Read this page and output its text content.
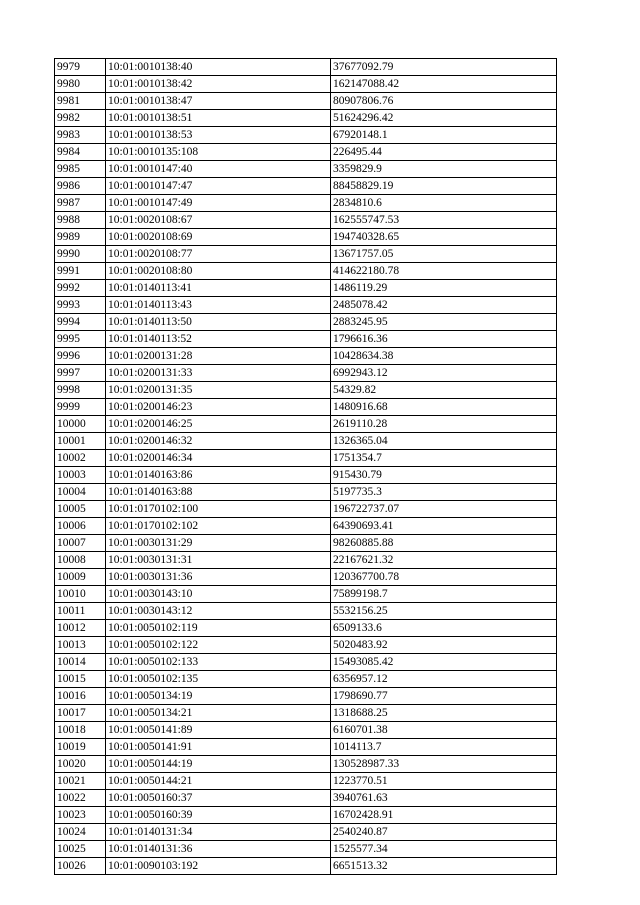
9979	10:01:0010138:40	37677092.79
9980	10:01:0010138:42	162147088.42
9981	10:01:0010138:47	80907806.76
9982	10:01:0010138:51	51624296.42
9983	10:01:0010138:53	67920148.1
9984	10:01:0010135:108	226495.44
9985	10:01:0010147:40	3359829.9
9986	10:01:0010147:47	88458829.19
9987	10:01:0010147:49	2834810.6
9988	10:01:0020108:67	162555747.53
9989	10:01:0020108:69	194740328.65
9990	10:01:0020108:77	13671757.05
9991	10:01:0020108:80	414622180.78
9992	10:01:0140113:41	1486119.29
9993	10:01:0140113:43	2485078.42
9994	10:01:0140113:50	2883245.95
9995	10:01:0140113:52	1796616.36
9996	10:01:0200131:28	10428634.38
9997	10:01:0200131:33	6992943.12
9998	10:01:0200131:35	54329.82
9999	10:01:0200146:23	1480916.68
10000	10:01:0200146:25	2619110.28
10001	10:01:0200146:32	1326365.04
10002	10:01:0200146:34	1751354.7
10003	10:01:0140163:86	915430.79
10004	10:01:0140163:88	5197735.3
10005	10:01:0170102:100	196722737.07
10006	10:01:0170102:102	64390693.41
10007	10:01:0030131:29	98260885.88
10008	10:01:0030131:31	22167621.32
10009	10:01:0030131:36	120367700.78
10010	10:01:0030143:10	75899198.7
10011	10:01:0030143:12	5532156.25
10012	10:01:0050102:119	6509133.6
10013	10:01:0050102:122	5020483.92
10014	10:01:0050102:133	15493085.42
10015	10:01:0050102:135	6356957.12
10016	10:01:0050134:19	1798690.77
10017	10:01:0050134:21	1318688.25
10018	10:01:0050141:89	6160701.38
10019	10:01:0050141:91	1014113.7
10020	10:01:0050144:19	130528987.33
10021	10:01:0050144:21	1223770.51
10022	10:01:0050160:37	3940761.63
10023	10:01:0050160:39	16702428.91
10024	10:01:0140131:34	2540240.87
10025	10:01:0140131:36	1525577.34
10026	10:01:0090103:192	6651513.32
